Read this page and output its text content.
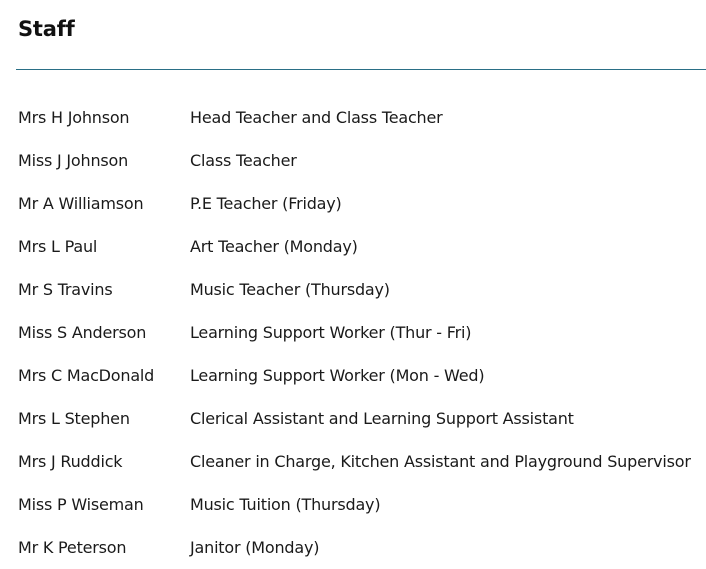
Staff
Mrs H Johnson	Head Teacher and Class Teacher
Miss J Johnson	Class Teacher
Mr A Williamson	P.E Teacher (Friday)
Mrs L Paul	Art Teacher (Monday)
Mr S Travins	Music Teacher (Thursday)
Miss S Anderson	Learning Support Worker (Thur - Fri)
Mrs C MacDonald	Learning Support Worker (Mon - Wed)
Mrs L Stephen	Clerical Assistant and Learning Support Assistant
Mrs J Ruddick	Cleaner in Charge, Kitchen Assistant and Playground Supervisor
Miss P Wiseman	Music Tuition (Thursday)
Mr K Peterson	Janitor (Monday)
